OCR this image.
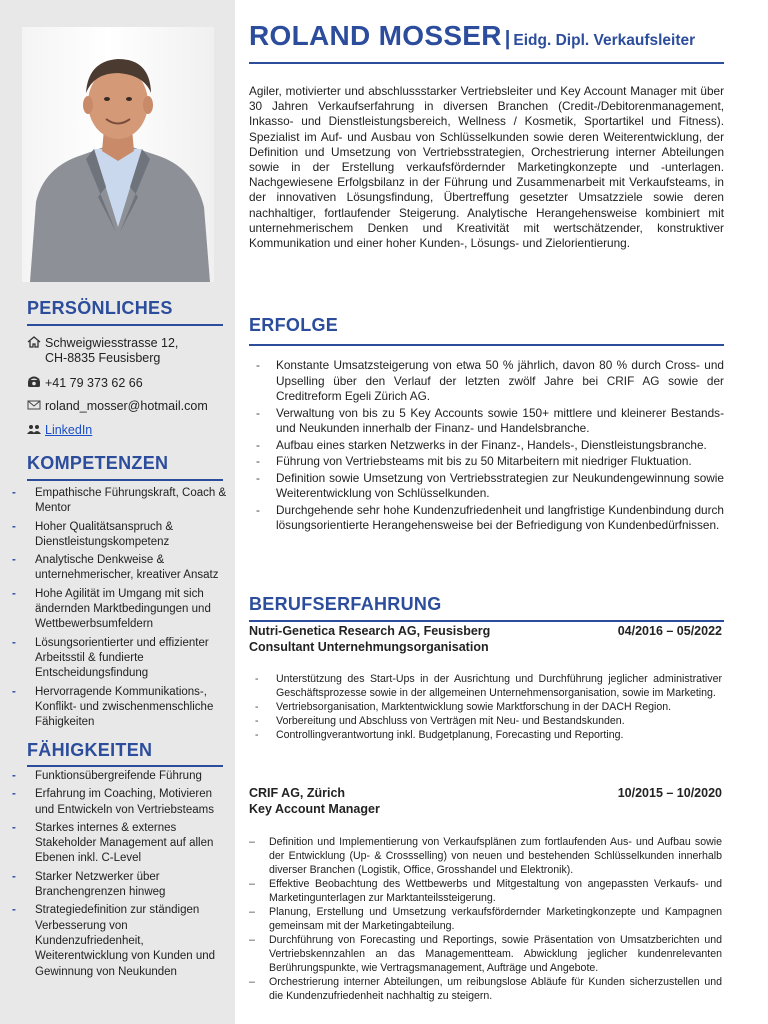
PERSÖNLICHES
Schweigwiesstrasse 12,
CH-8835 Feusisberg
+41 79 373 62 66
roland_mosser@hotmail.com
LinkedIn
KOMPETENZEN
- Empathische Führungskraft, Coach & Mentor
- Hoher Qualitätsanspruch & Dienstleistungskompetenz
- Analytische Denkweise & unternehmerischer, kreativer Ansatz
- Hohe Agilität im Umgang mit sich ändernden Marktbedingungen und Wettbewerbsumfeldern
- Lösungsorientierter und effizienter Arbeitsstil & fundierte Entscheidungsfindung
- Hervorragende Kommunikations-, Konflikt- und zwischenmenschliche Fähigkeiten
FÄHIGKEITEN
- Funktionsübergreifende Führung
- Erfahrung im Coaching, Motivieren und Entwickeln von Vertriebsteams
- Starkes internes & externes Stakeholder Management auf allen Ebenen inkl. C-Level
- Starker Netzwerker über Branchengrenzen hinweg
- Strategiedefinition zur ständigen Verbesserung von Kundenzufriedenheit, Weiterentwicklung von Kunden und Gewinnung von Neukunden
ROLAND MOSSER | Eidg. Dipl. Verkaufsleiter

Agiler, motivierter und abschlussstarker Vertriebsleiter und Key Account Manager mit über 30 Jahren Verkaufserfahrung in diversen Branchen (Credit-/Debitorenmanagement, Inkasso- und Dienstleistungsbereich, Wellness / Kosmetik, Sportartikel und Fitness). Spezialist im Auf- und Ausbau von Schlüsselkunden sowie deren Weiterentwicklung, der Definition und Umsetzung von Vertriebsstrategien, Orchestrierung interner Abteilungen sowie in der Erstellung verkaufsfördernder Marketingkonzepte und -unterlagen. Nachgewiesene Erfolgsbilanz in der Führung und Zusammenarbeit mit Verkaufsteams, in der innovativen Lösungsfindung, Übertreffung gesetzter Umsatzziele sowie deren nachhaltiger, fortlaufender Steigerung. Analytische Herangehensweise kombiniert mit unternehmerischem Denken und Kreativität mit wertschätzender, konstruktiver Kommunikation und einer hoher Kunden-, Lösungs- und Zielorientierung.

ERFOLGE
- Konstante Umsatzsteigerung von etwa 50 % jährlich, davon 80 % durch Cross- und Upselling über den Verlauf der letzten zwölf Jahre bei CRIF AG sowie der Creditreform Egeli Zürich AG.
- Verwaltung von bis zu 5 Key Accounts sowie 150+ mittlere und kleinerer Bestands- und Neukunden innerhalb der Finanz- und Handelsbranche.
- Aufbau eines starken Netzwerks in der Finanz-, Handels-, Dienstleistungsbranche.
- Führung von Vertriebsteams mit bis zu 50 Mitarbeitern mit niedriger Fluktuation.
- Definition sowie Umsetzung von Vertriebsstrategien zur Neukundengewinnung sowie Weiterentwicklung von Schlüsselkunden.
- Durchgehende sehr hohe Kundenzufriedenheit und langfristige Kundenbindung durch lösungsorientierte Herangehensweise bei der Befriedigung von Kundenbedürfnissen.
BERUFSERFAHRUNG
Nutri-Genetica Research AG, Feusisberg
Consultant Unternehmungsorganisation
04/2016 – 05/2022
- Unterstützung des Start-Ups in der Ausrichtung und Durchführung jeglicher administrativer Geschäftsprozesse sowie in der allgemeinen Unternehmensorganisation, sowie im Marketing.
- Vertriebsorganisation, Marktentwicklung sowie Marktforschung in der DACH Region.
- Vorbereitung und Abschluss von Verträgen mit Neu- und Bestandskunden.
- Controllingverantwortung inkl. Budgetplanung, Forecasting und Reporting.
CRIF AG, Zürich
Key Account Manager
10/2015 – 10/2020
– Definition und Implementierung von Verkaufsplänen zum fortlaufenden Aus- und Aufbau sowie der Entwicklung (Up- & Crossselling) von neuen und bestehenden Schlüsselkunden innerhalb diverser Branchen (Logistik, Office, Grosshandel und Elektronik).
– Effektive Beobachtung des Wettbewerbs und Mitgestaltung von angepassten Verkaufs- und Marketingunterlagen zur Marktanteilssteigerung.
– Planung, Erstellung und Umsetzung verkaufsfördernder Marketingkonzepte und Kampagnen gemeinsam mit der Marketingabteilung.
– Durchführung von Forecasting und Reportings, sowie Präsentation von Umsatzberichten und Vertriebskennzahlen an das Managementteam. Abwicklung jeglicher kundenrelevanten Berührungspunkte, wie Vertragsmanagement, Aufträge und Angebote.
– Orchestrierung interner Abteilungen, um reibungslose Abläufe für Kunden sicherzustellen und die Kundenzufriedenheit nachhaltig zu steigern.
